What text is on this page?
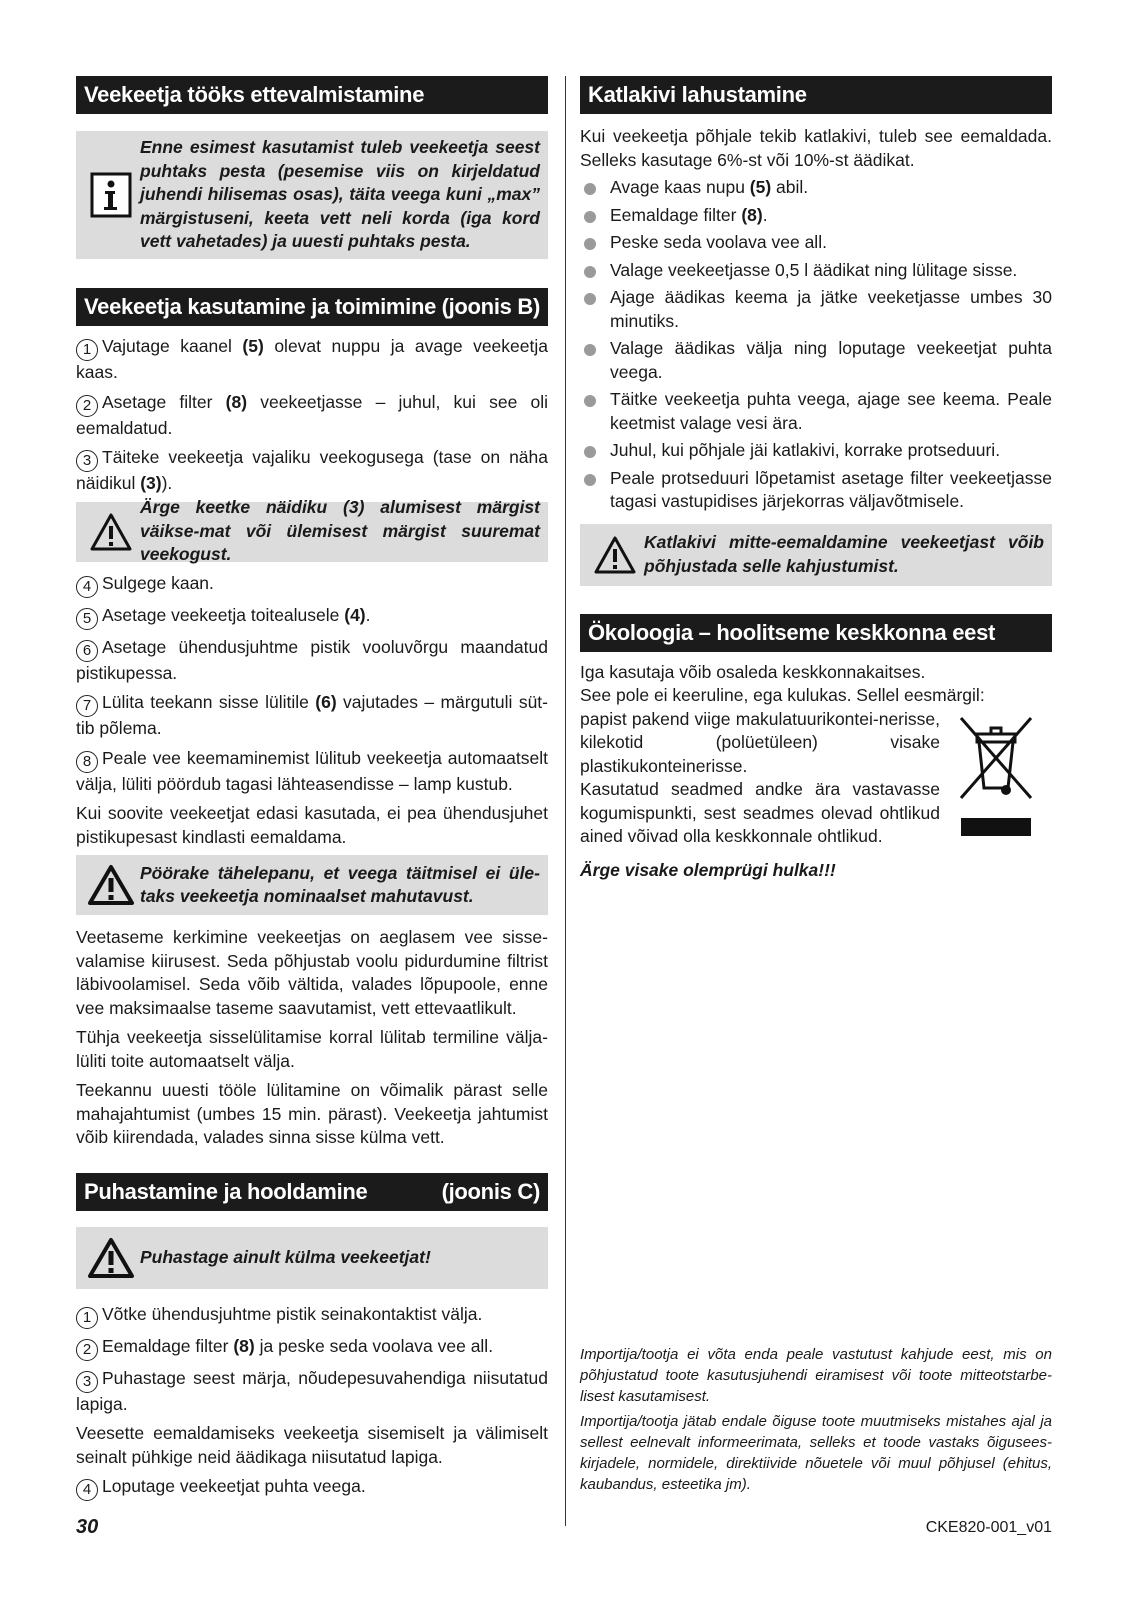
Veekeetja tööks ettevalmistamine
Enne esimest kasutamist tuleb veekeetja seest puhtaks pesta (pesemise viis on kirjeldatud juhendi hilisemas osas), täita veega kuni „max” märgistuseni, keeta vett neli korda (iga kord vett vahetades) ja uuesti puhtaks pesta.
Veekeetja kasutamine ja toimimine (joonis B)

1 Vajutage kaanel (5) olevat nuppu ja avage veekeetja kaas.

2 Asetage filter (8) veekeetjasse – juhul, kui see oli eemaldatud.

3 Täiteke veekeetja vajaliku veekogusega (tase on näha näidikul (3)).

Ärge keetke näidiku (3) alumisest märgist väikse-mat või ülemisest märgist suuremat veekogust.

4 Sulgege kaan.

5 Asetage veekeetja toitealusele (4).

6 Asetage ühendusjuhtme pistik vooluvõrgu maandatud pistikupessa.

7 Lülita teekann sisse lülitile (6) vajutades – märgutuli süt-tib põlema.

8 Peale vee keemaminemist lülitub veekeetja automaatselt välja, lüliti pöördub tagasi lähteasendisse – lamp kustub.

Kui soovite veekeetjat edasi kasutada, ei pea ühendusjuhet pistikupesast kindlasti eemaldama.

Pöörake tähelepanu, et veega täitmisel ei üle-taks veekeetja nominaalset mahutavust.

Veetaseme kerkimine veekeetjas on aeglasem vee sisse-valamise kiirusest. Seda põhjustab voolu pidurdumine filtrist läbivoolamisel. Seda võib vältida, valades lõpupoole, enne vee maksimaalse taseme saavutamist, vett ettevaatlikult.

Tühja veekeetja sisselülitamise korral lülitab termiline välja-lüliti toite automaatselt välja.

Teekannu uuesti tööle lülitamine on võimalik pärast selle mahajahtumist (umbes 15 min. pärast). Veekeetja jahtumist võib kiirendada, valades sinna sisse külma vett.

Puhastamine ja hooldamine	(joonis C)
Puhastage ainult külma veekeetjat!

1 Võtke ühendusjuhtme pistik seinakontaktist välja.

2 Eemaldage filter (8) ja peske seda voolava vee all.

3 Puhastage seest märja, nõudepesuvahendiga niisutatud lapiga.

Veesette eemaldamiseks veekeetja sisemiselt ja välimiselt seinalt pühkige neid äädikaga niisutatud lapiga.

4 Loputage veekeetjat puhta veega.

Katlakivi lahustamine

Kui veekeetja põhjale tekib katlakivi, tuleb see eemaldada. Selleks kasutage 6%-st või 10%-st äädikat.

Avage kaas nupu (5) abil.
Eemaldage filter (8).
Peske seda voolava vee all.
Valage veekeetjasse 0,5 l äädikat ning lülitage sisse.
Ajage äädikas keema ja jätke veeketjasse umbes 30 minutiks.
Valage äädikas välja ning loputage veekeetjat puhta veega.
Täitke veekeetja puhta veega, ajage see keema. Peale keetmist valage vesi ära.
Juhul, kui põhjale jäi katlakivi, korrake protseduuri.
Peale protseduuri lõpetamist asetage filter veekeetjasse tagasi vastupidises järjekorras väljavõtmisele.
Katlakivi mitte-eemaldamine veekeetjast võib põhjustada selle kahjustumist.
Ökoloogia – hoolitseme keskkonna eest

Iga kasutaja võib osaleda keskkonnakaitses.

See pole ei keeruline, ega kulukas. Sellel eesmärgil:

papist pakend viige makulatuurikontei-nerisse, kilekotid (polüetüleen) visake plastikukonteinerisse.

Kasutatud seadmed andke ära vastavasse kogumispunkti, sest seadmes olevad ohtlikud ained võivad olla keskkonnale ohtlikud.

Ärge visake olemprügi hulka!!!

Importija/tootja ei võta enda peale vastutust kahjude eest, mis on põhjustatud toote kasutusjuhendi eiramisest või toote mitteotstarbe-lisest kasutamisest.

Importija/tootja jätab endale õiguse toote muutmiseks mistahes ajal ja sellest eelnevalt informeerimata, selleks et toode vastaks õigusees-kirjadele, normidele, direktiivide nõuetele või muul põhjusel (ehitus, kaubandus, esteetika jm).

30	CKE820-001_v01
